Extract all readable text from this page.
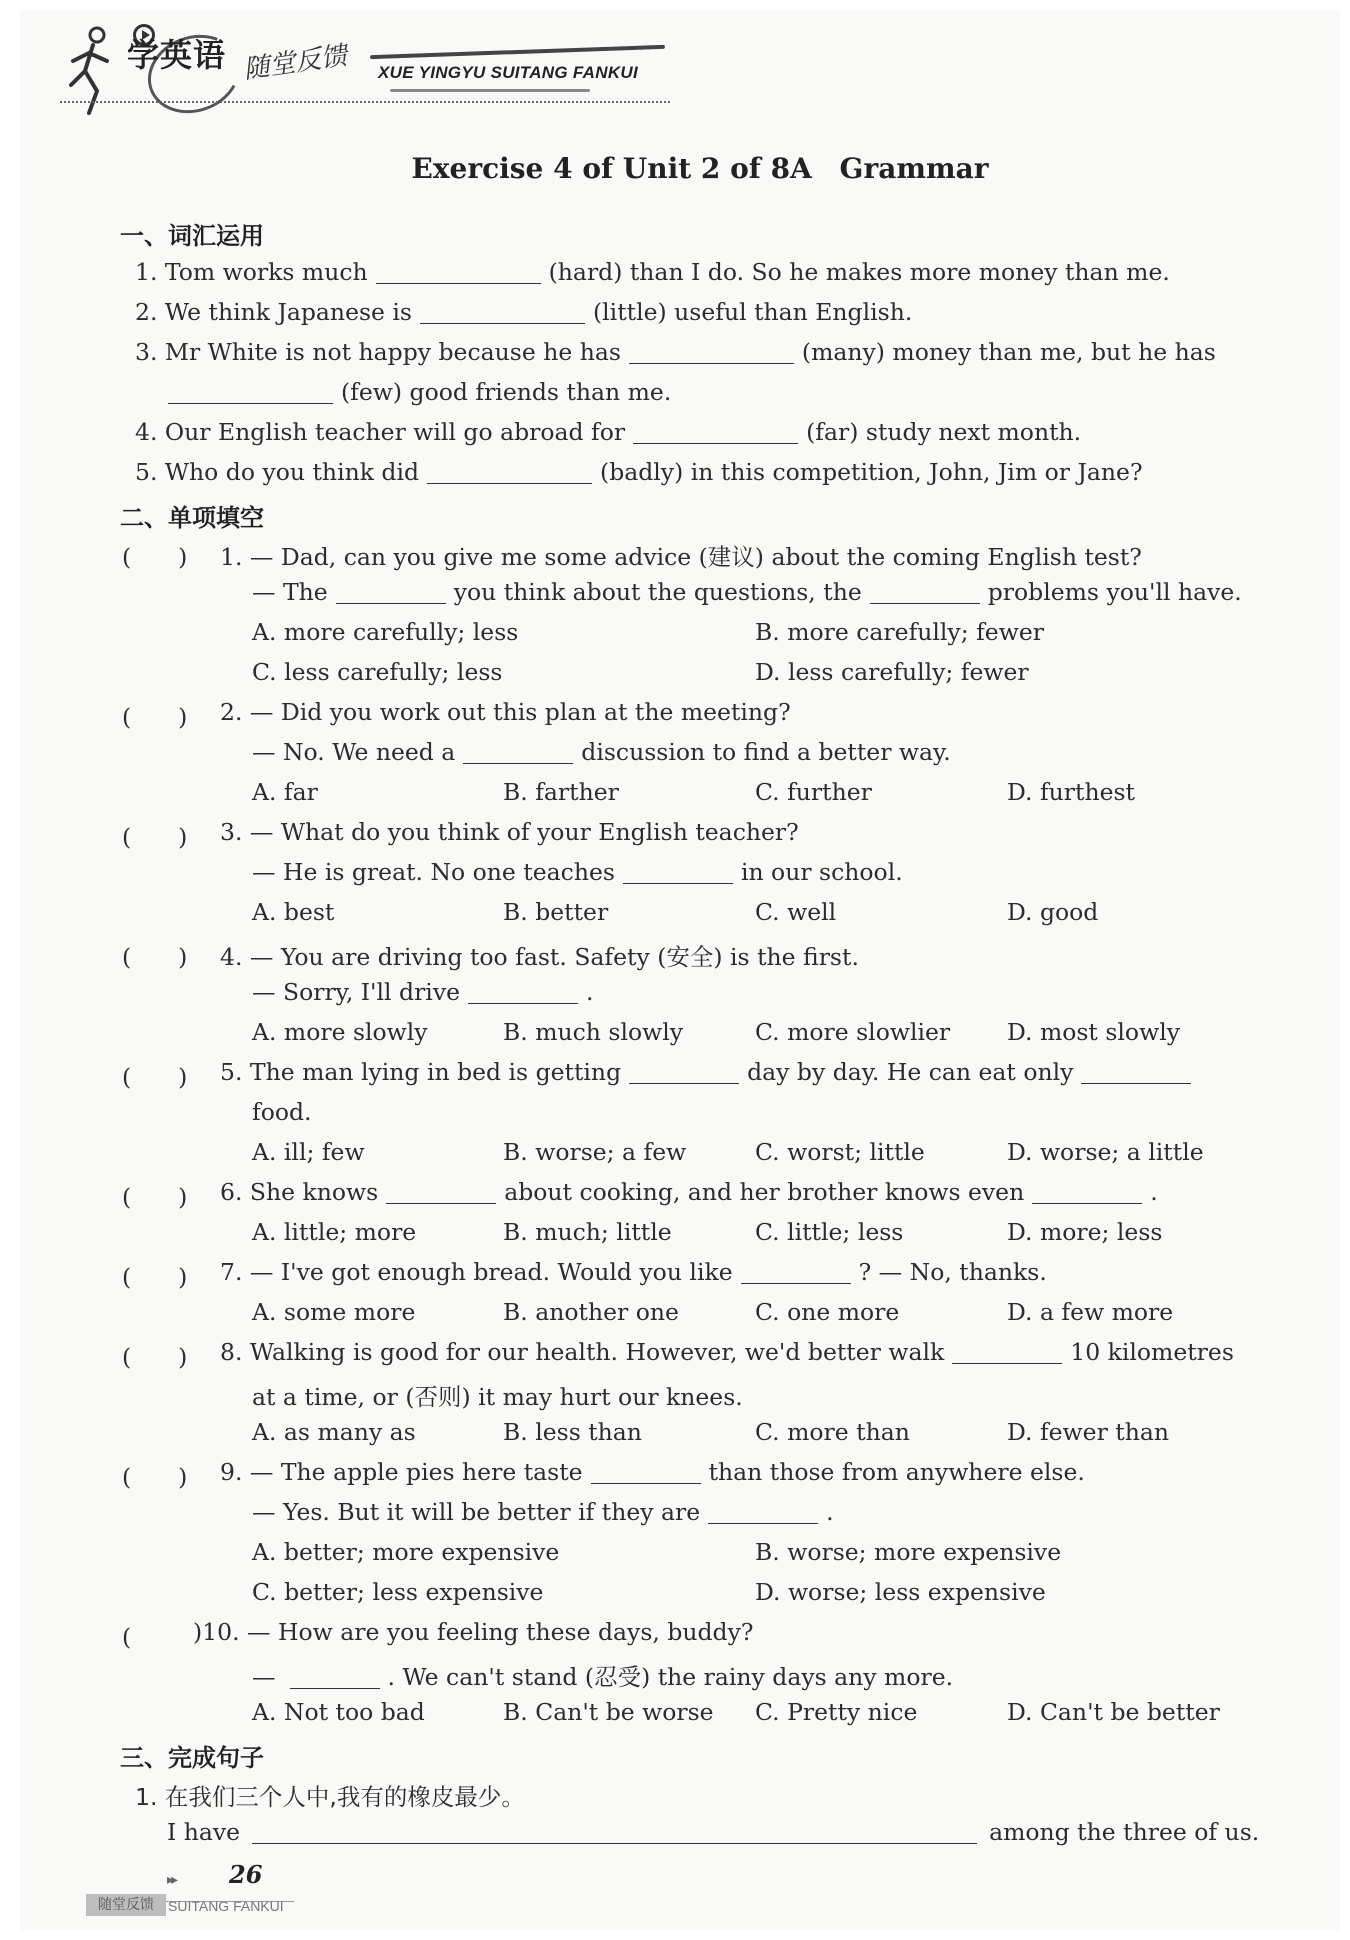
学英语 随堂反馈 XUE YINGYU SUITANG FANKUI
Exercise 4 of Unit 2 of 8A Grammar
一、词汇运用
1. Tom works much	(hard) than I do. So he makes more money than me.
2. We think Japanese is	(little) useful than English.
3. Mr White is not happy because he has	(many) money than me, but he has
(few) good friends than me.
4. Our English teacher will go abroad for	(far) study next month.
5. Who do you think did	(badly) in this competition, John, Jim or Jane?
二、单项填空
(　　) 1. — Dad, can you give me some advice (建议) about the coming English test?
— The	you think about the questions, the	problems you'll have.
A. more carefully; less	B. more carefully; fewer
C. less carefully; less	D. less carefully; fewer
(　　) 2. — Did you work out this plan at the meeting?
— No. We need a	discussion to find a better way.
A. far	B. farther	C. further	D. furthest
(　　) 3. — What do you think of your English teacher?
— He is great. No one teaches	in our school.
A. best	B. better	C. well	D. good
(　　) 4. — You are driving too fast. Safety (安全) is the first.
— Sorry, I'll drive	.
A. more slowly	B. much slowly	C. more slowlier D. most slowly
(　　) 5. The man lying in bed is getting	day by day. He can eat only
food.
A. ill; few	B. worse; a few	C. worst; little	D. worse; a little
(　　) 6. She knows	about cooking, and her brother knows even	.
A. little; more	B. much; little	C. little; less	D. more; less
(　　) 7. — I've got enough bread. Would you like	? — No, thanks.
A. some more	B. another one	C. one more	D. a few more
(　　) 8. Walking is good for our health. However, we'd better walk	10 kilometres
at a time, or (否则) it may hurt our knees.
A. as many as	B. less than	C. more than	D. fewer than
(　　) 9. — The apple pies here taste	than those from anywhere else.
— Yes. But it will be better if they are	.
A. better; more expensive	B. worse; more expensive
C. better; less expensive	D. worse; less expensive
(　　 )10. — How are you feeling these days, buddy?
—	. We can't stand (忍受) the rainy days any more.
A. Not too bad	B. Can't be worse C. Pretty nice	D. Can't be better
三、完成句子
1. 在我们三个人中,我有的橡皮最少。
I have	among the three of us.
▸▸ 26
随堂反馈	SUITANG FANKUI
